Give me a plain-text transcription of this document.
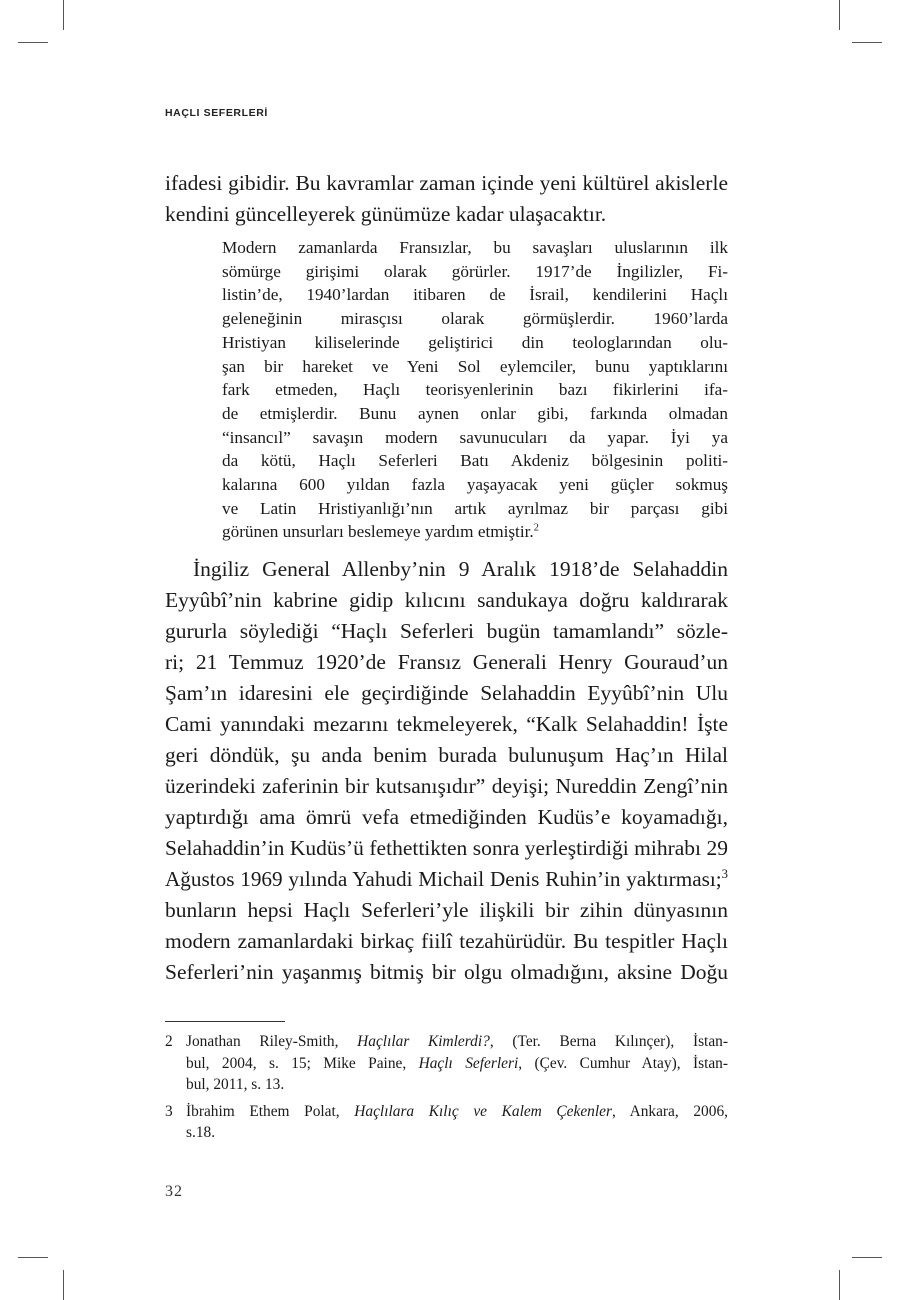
HAÇLI SEFERLERİ

ifadesi gibidir. Bu kavramlar zaman içinde yeni kültürel akislerle
kendini güncelleyerek günümüze kadar ulaşacaktır.

Modern zamanlarda Fransızlar, bu savaşları uluslarının ilk
sömürge girişimi olarak görürler. 1917’de İngilizler, Fi-
listin’de, 1940’lardan itibaren de İsrail, kendilerini Haçlı
geleneğinin mirasçısı olarak görmüşlerdir. 1960’larda
Hristiyan kiliselerinde geliştirici din teologlarından olu-
şan bir hareket ve Yeni Sol eylemciler, bunu yaptıklarını
fark etmeden, Haçlı teorisyenlerinin bazı fikirlerini ifa-
de etmişlerdir. Bunu aynen onlar gibi, farkında olmadan
“insancıl” savaşın modern savunucuları da yapar. İyi ya
da kötü, Haçlı Seferleri Batı Akdeniz bölgesinin politi-
kalarına 600 yıldan fazla yaşayacak yeni güçler sokmuş
ve Latin Hristiyanlığı’nın artık ayrılmaz bir parçası gibi
görünen unsurları beslemeye yardım etmiştir.$^2$

İngiliz General Allenby’nin 9 Aralık 1918’de Selahaddin
Eyyûbî’nin kabrine gidip kılıcını sandukaya doğru kaldırarak
gururla söylediği “Haçlı Seferleri bugün tamamlandı” sözle-
ri; 21 Temmuz 1920’de Fransız Generali Henry Gouraud’un
Şam’ın idaresini ele geçirdiğinde Selahaddin Eyyûbî’nin Ulu
Cami yanındaki mezarını tekmeleyerek, “Kalk Selahaddin! İşte
geri döndük, şu anda benim burada bulunuşum Haç’ın Hilal
üzerindeki zaferinin bir kutsanışıdır” deyişi; Nureddin Zengî’nin
yaptırdığı ama ömrü vefa etmediğinden Kudüs’e koyamadığı,
Selahaddin’in Kudüs’ü fethettikten sonra yerleştirdiği mihrabı 29
Ağustos 1969 yılında Yahudi Michail Denis Ruhin’in yaktırması;$^3$
bunların hepsi Haçlı Seferleri’yle ilişkili bir zihin dünyasının
modern zamanlardaki birkaç fiilî tezahürüdür. Bu tespitler Haçlı
Seferleri’nin yaşanmış bitmiş bir olgu olmadığını, aksine Doğu

2 Jonathan Riley-Smith, Haçlılar Kimlerdi?, (Ter. Berna Kılınçer), İstan-
bul, 2004, s. 15; Mike Paine, Haçlı Seferleri, (Çev. Cumhur Atay), İstan-
bul, 2011, s. 13.
3 İbrahim Ethem Polat, Haçlılara Kılıç ve Kalem Çekenler, Ankara, 2006,
s.18.
32
